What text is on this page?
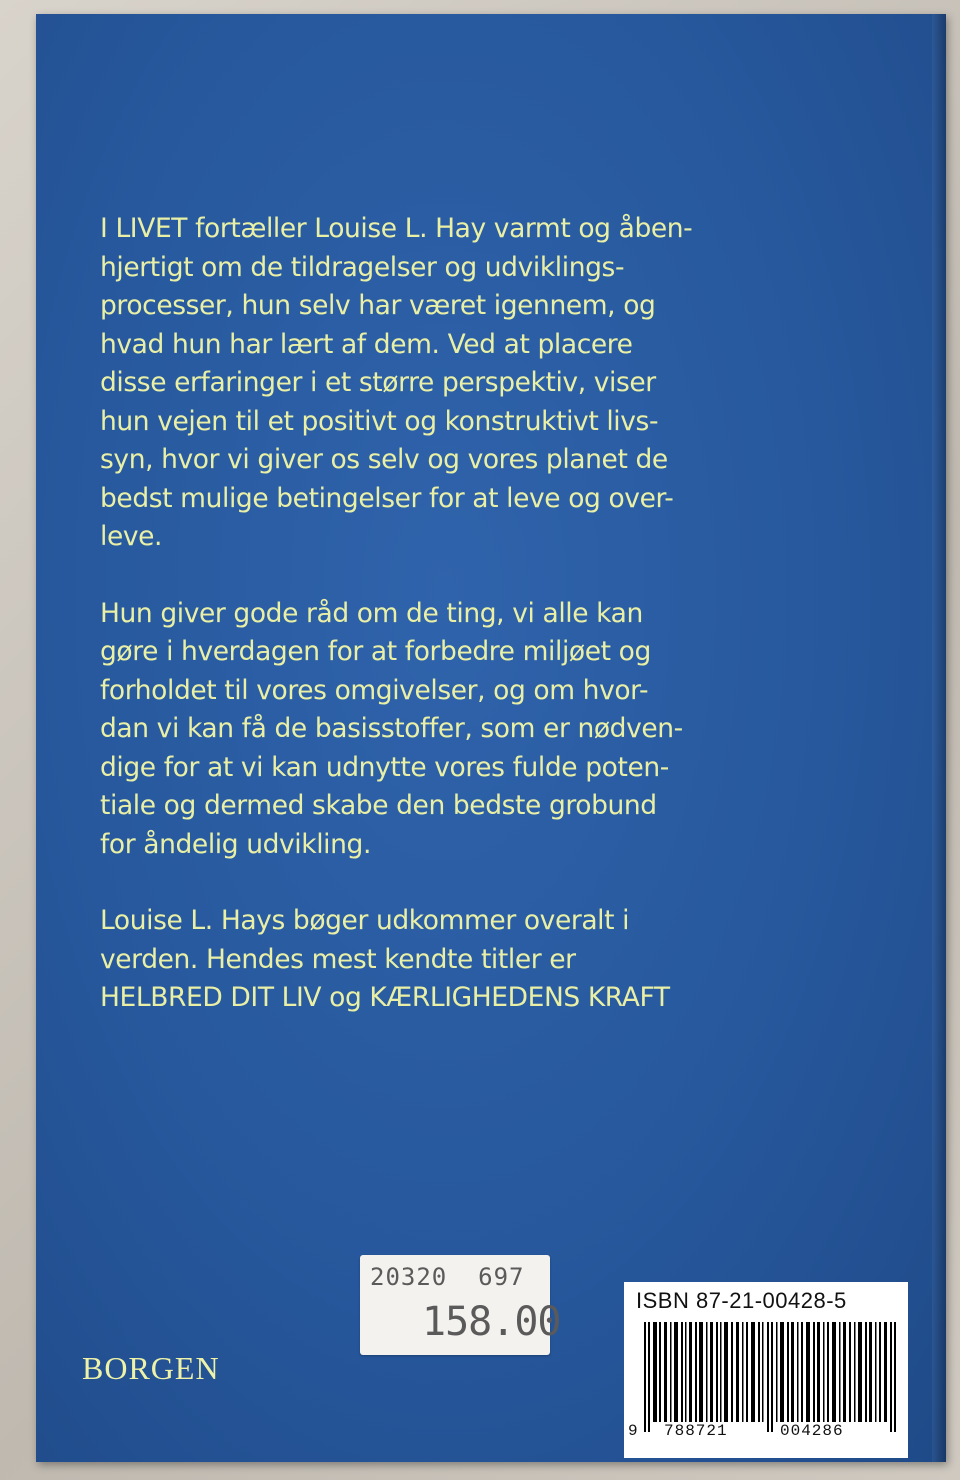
I LIVET fortæller Louise L. Hay varmt og åben-
hjertigt om de tildragelser og udviklings-
processer, hun selv har været igennem, og
hvad hun har lært af dem. Ved at placere
disse erfaringer i et større perspektiv, viser
hun vejen til et positivt og konstruktivt livs-
syn, hvor vi giver os selv og vores planet de
bedst mulige betingelser for at leve og over-
leve.

Hun giver gode råd om de ting, vi alle kan
gøre i hverdagen for at forbedre miljøet og
forholdet til vores omgivelser, og om hvor-
dan vi kan få de basisstoffer, som er nødven-
dige for at vi kan udnytte vores fulde poten-
tiale og dermed skabe den bedste grobund
for åndelig udvikling.

Louise L. Hays bøger udkommer overalt i
verden. Hendes mest kendte titler er
HELBRED DIT LIV og KÆRLIGHEDENS KRAFT

20320  697
158.00	ISBN 87-21-00428-5
9 788721	004286
BORGEN
